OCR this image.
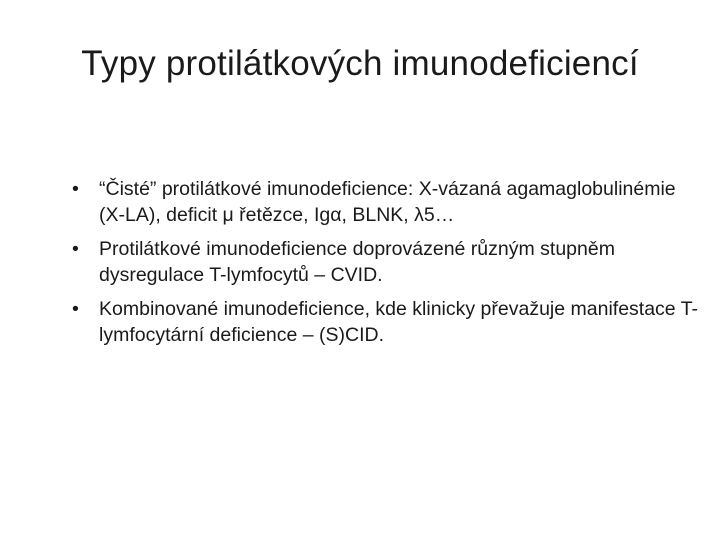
Typy protilátkových imunodeficiencí
•	“Čisté” protilátkové imunodeficience: X-vázaná agamaglobulinémie (X-LA), deficit μ řetězce, Igα, BLNK, λ5…
•	Protilátkové imunodeficience doprovázené různým stupněm dysregulace T-lymfocytů – CVID.
•	Kombinované imunodeficience, kde klinicky převažuje manifestace T-lymfocytární deficience – (S)CID.
